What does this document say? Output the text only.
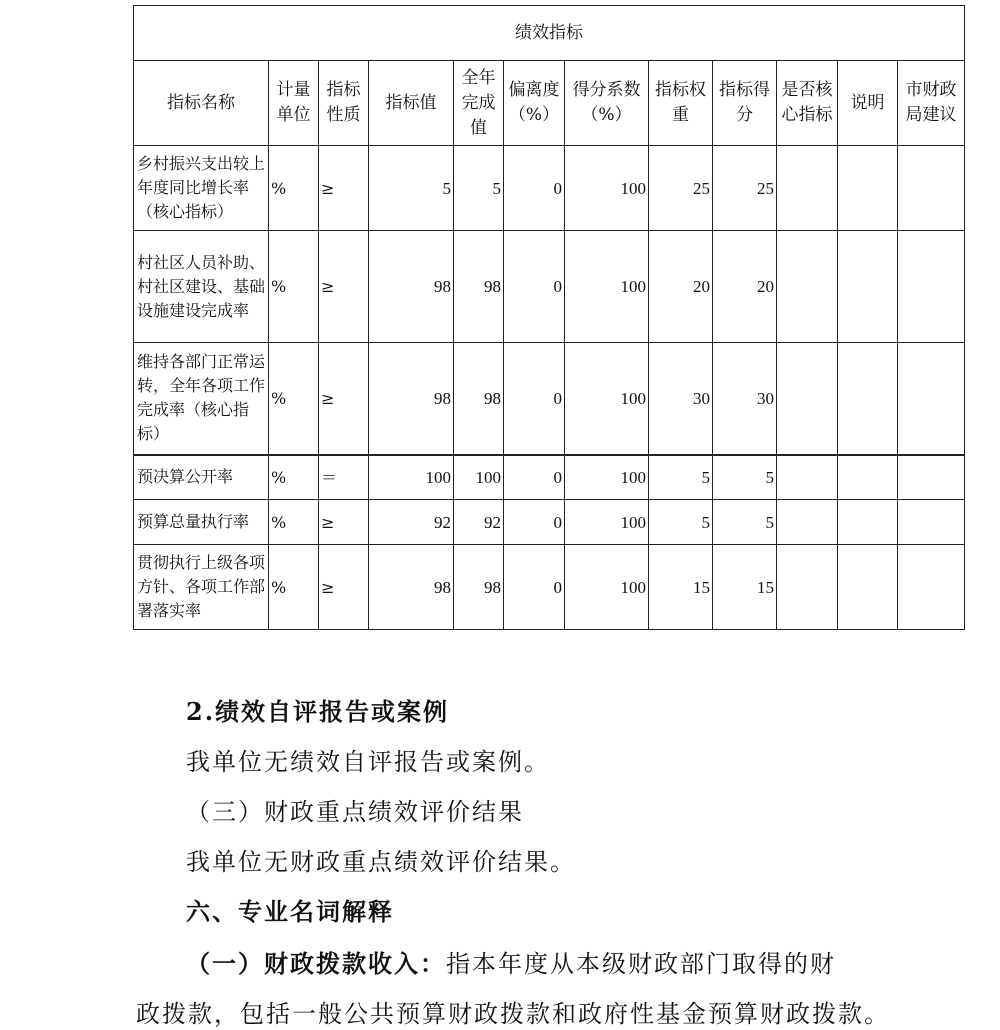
绩效指标											
指标名称	计量单位	指标性质	指标值	全年完成值	偏离度（%）	得分系数（%）	指标权重	指标得分	是否核心指标	说明	市财政局建议
乡村振兴支出较上年度同比增长率（核心指标）	%	≥	5	5	0	100	25	25			
村社区人员补助、村社区建设、基础设施建设完成率	%	≥	98	98	0	100	20	20			
维持各部门正常运转，全年各项工作完成率（核心指标）	%	≥	98	98	0	100	30	30			
预决算公开率	%	＝	100	100	0	100	5	5			
预算总量执行率	%	≥	92	92	0	100	5	5			
贯彻执行上级各项方针、各项工作部署落实率	%	≥	98	98	0	100	15	15			
2.绩效自评报告或案例
我单位无绩效自评报告或案例。
（三）财政重点绩效评价结果
我单位无财政重点绩效评价结果。
六、专业名词解释
（一）财政拨款收入：指本年度从本级财政部门取得的财
政拨款，包括一般公共预算财政拨款和政府性基金预算财政拨款。
